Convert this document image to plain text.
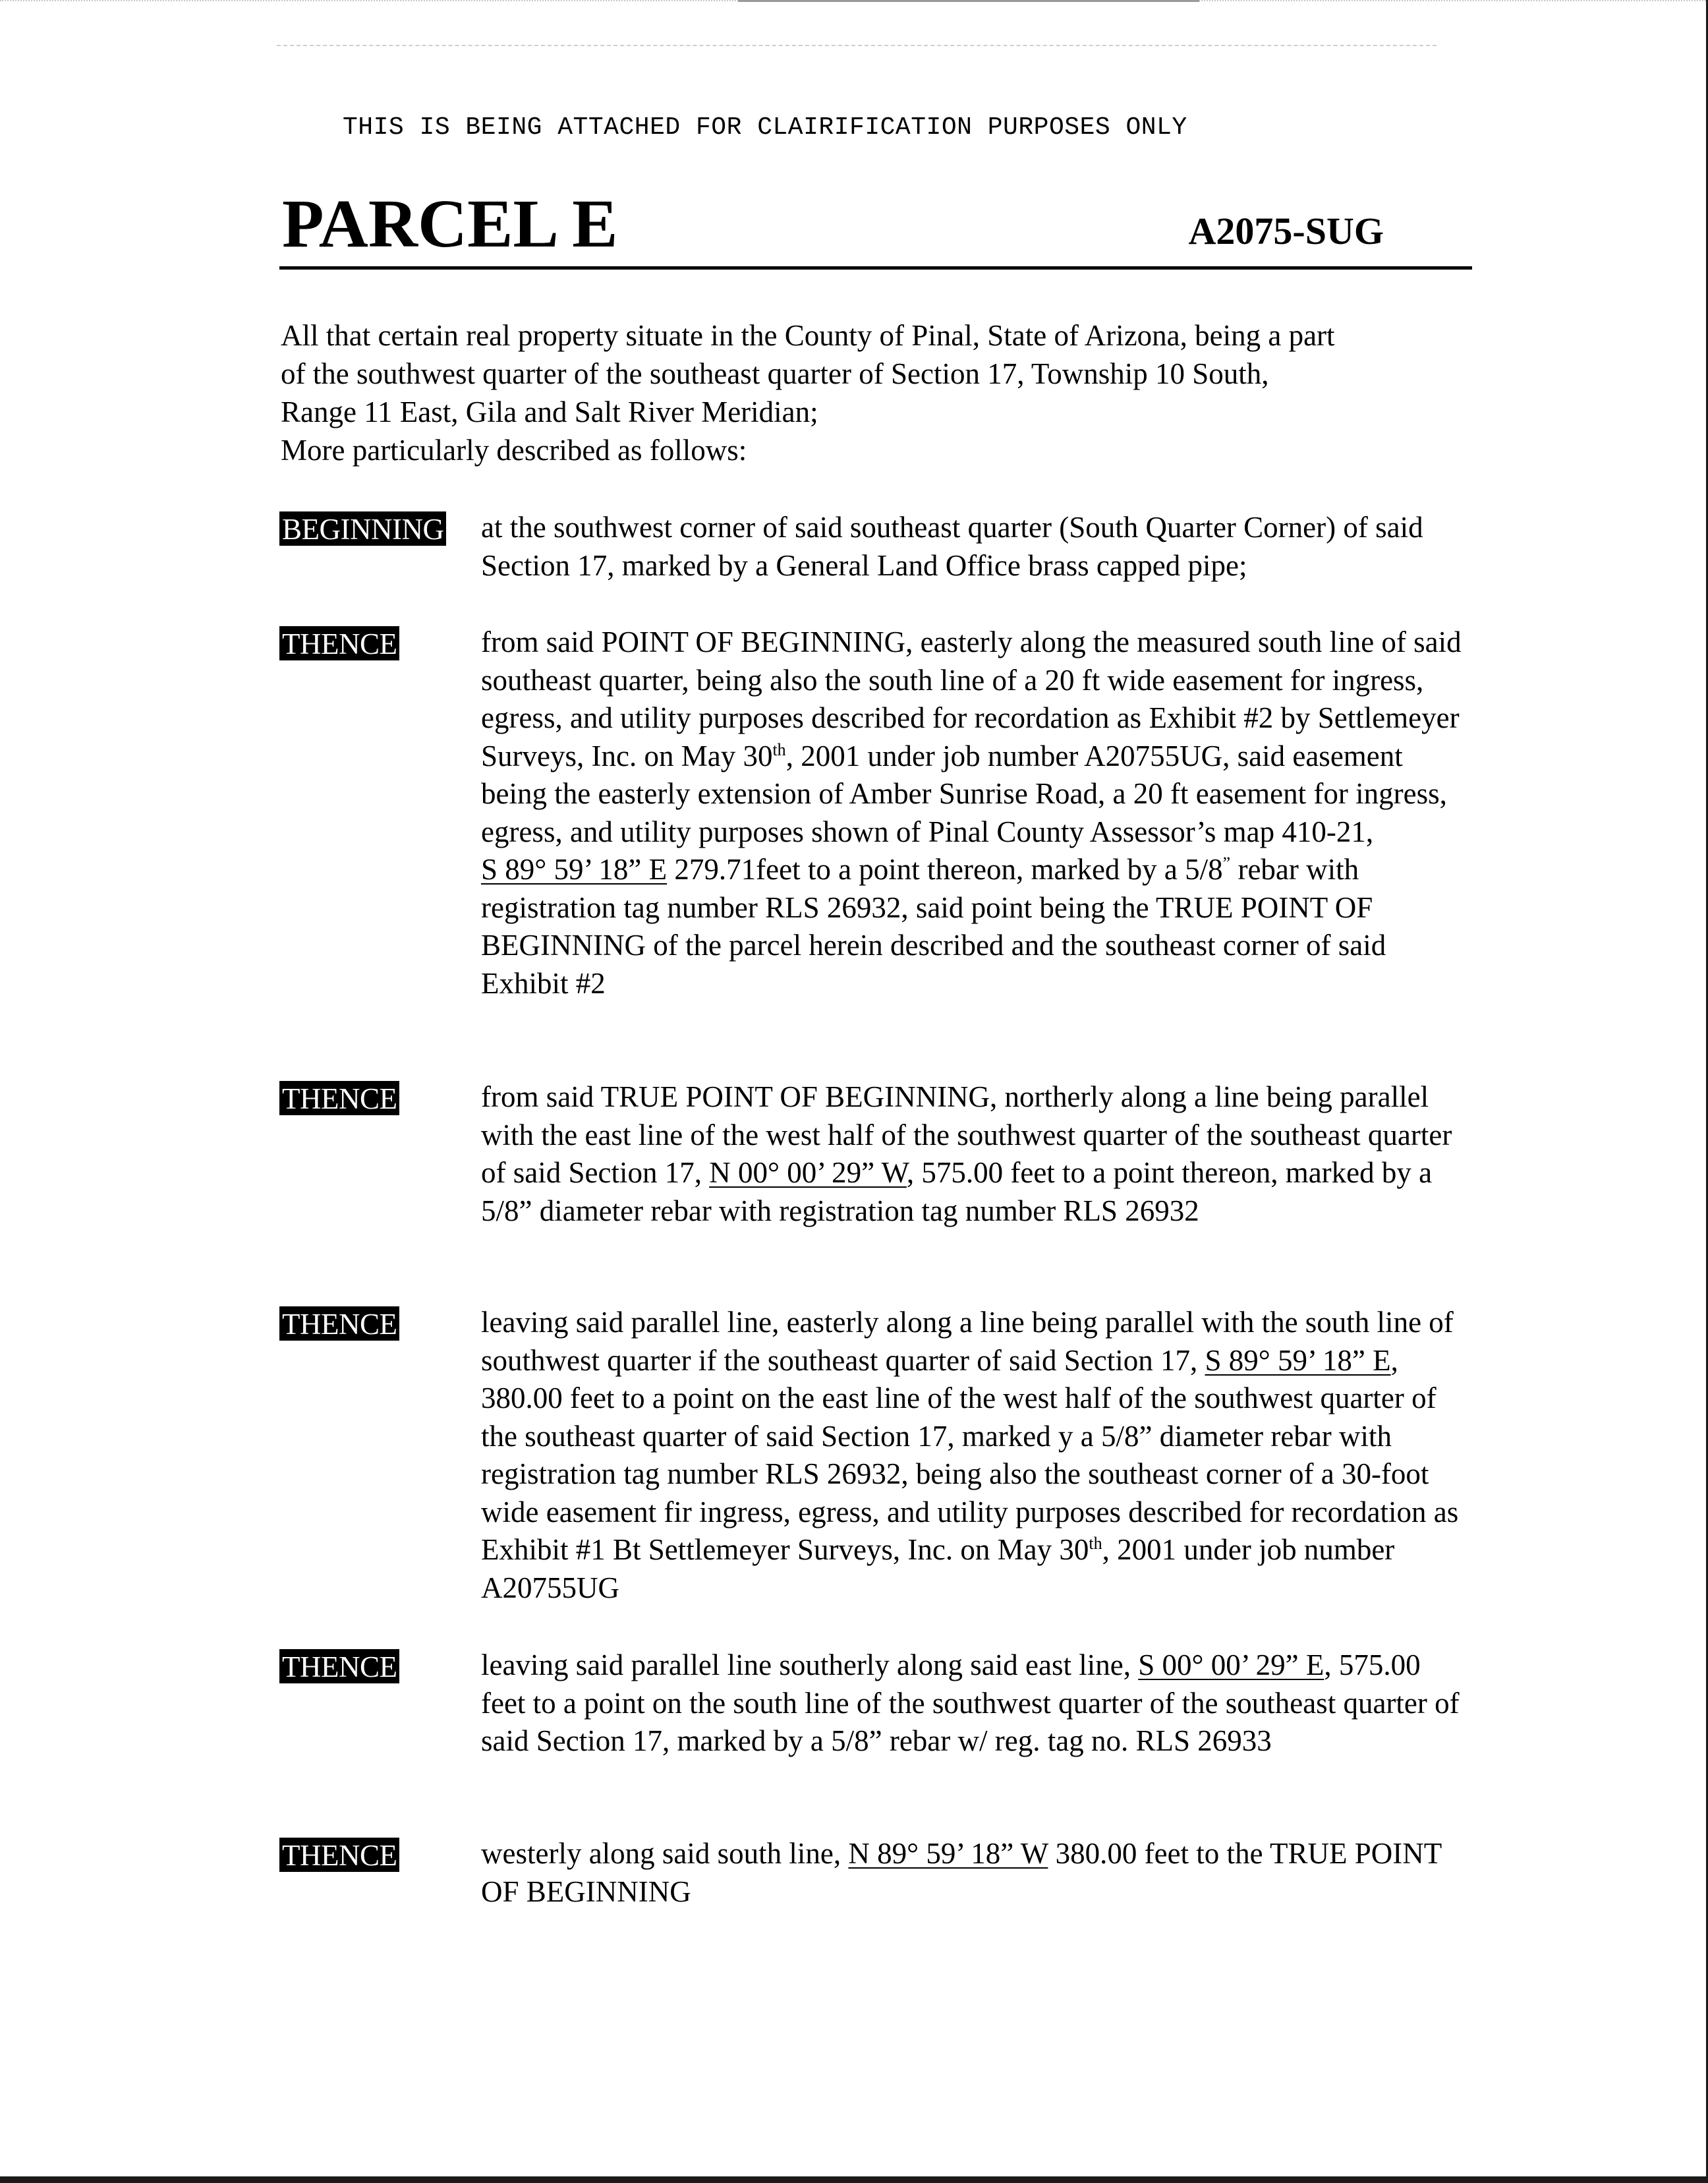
THIS IS BEING ATTACHED FOR CLAIRIFICATION PURPOSES ONLY
PARCEL E	A2075-SUG

All that certain real property situate in the County of Pinal, State of Arizona, being a part

of the southwest quarter of the southeast quarter of Section 17, Township 10 South,

Range 11 East, Gila and Salt River Meridian;

More particularly described as follows:

BEGINNING at the southwest corner of said southeast quarter (South Quarter Corner) of said Section 17, marked by a General Land Office brass capped pipe;
THENCE	from said POINT OF BEGINNING, easterly along the measured south line of said southeast quarter, being also the south line of a 20 ft wide easement for ingress, egress, and utility purposes described for recordation as Exhibit #2 by Settlemeyer Surveys, Inc. on May 30th, 2001 under job number A20755UG, said easement being the easterly extension of Amber Sunrise Road, a 20 ft easement for ingress, egress, and utility purposes shown of Pinal County Assessor’s map 410-21,
S 89° 59’ 18” E 279.71feet to a point thereon, marked by a 5/8” rebar with registration tag number RLS 26932, said point being the TRUE POINT OF BEGINNING of the parcel herein described and the southeast corner of said Exhibit #2
THENCE	from said TRUE POINT OF BEGINNING, northerly along a line being parallel with the east line of the west half of the southwest quarter of the southeast quarter of said Section 17, N 00° 00’ 29” W, 575.00 feet to a point thereon, marked by a 5/8” diameter rebar with registration tag number RLS 26932
THENCE	leaving said parallel line, easterly along a line being parallel with the south line of southwest quarter if the southeast quarter of said Section 17, S 89° 59’ 18” E, 380.00 feet to a point on the east line of the west half of the southwest quarter of the southeast quarter of said Section 17, marked y a 5/8” diameter rebar with registration tag number RLS 26932, being also the southeast corner of a 30-foot wide easement fir ingress, egress, and utility purposes described for recordation as Exhibit #1 Bt Settlemeyer Surveys, Inc. on May 30th, 2001 under job number A20755UG
THENCE	leaving said parallel line southerly along said east line, S 00° 00’ 29” E, 575.00 feet to a point on the south line of the southwest quarter of the southeast quarter of said Section 17, marked by a 5/8” rebar w/ reg. tag no. RLS 26933
THENCE	westerly along said south line, N 89° 59’ 18” W 380.00 feet to the TRUE POINT OF BEGINNING
